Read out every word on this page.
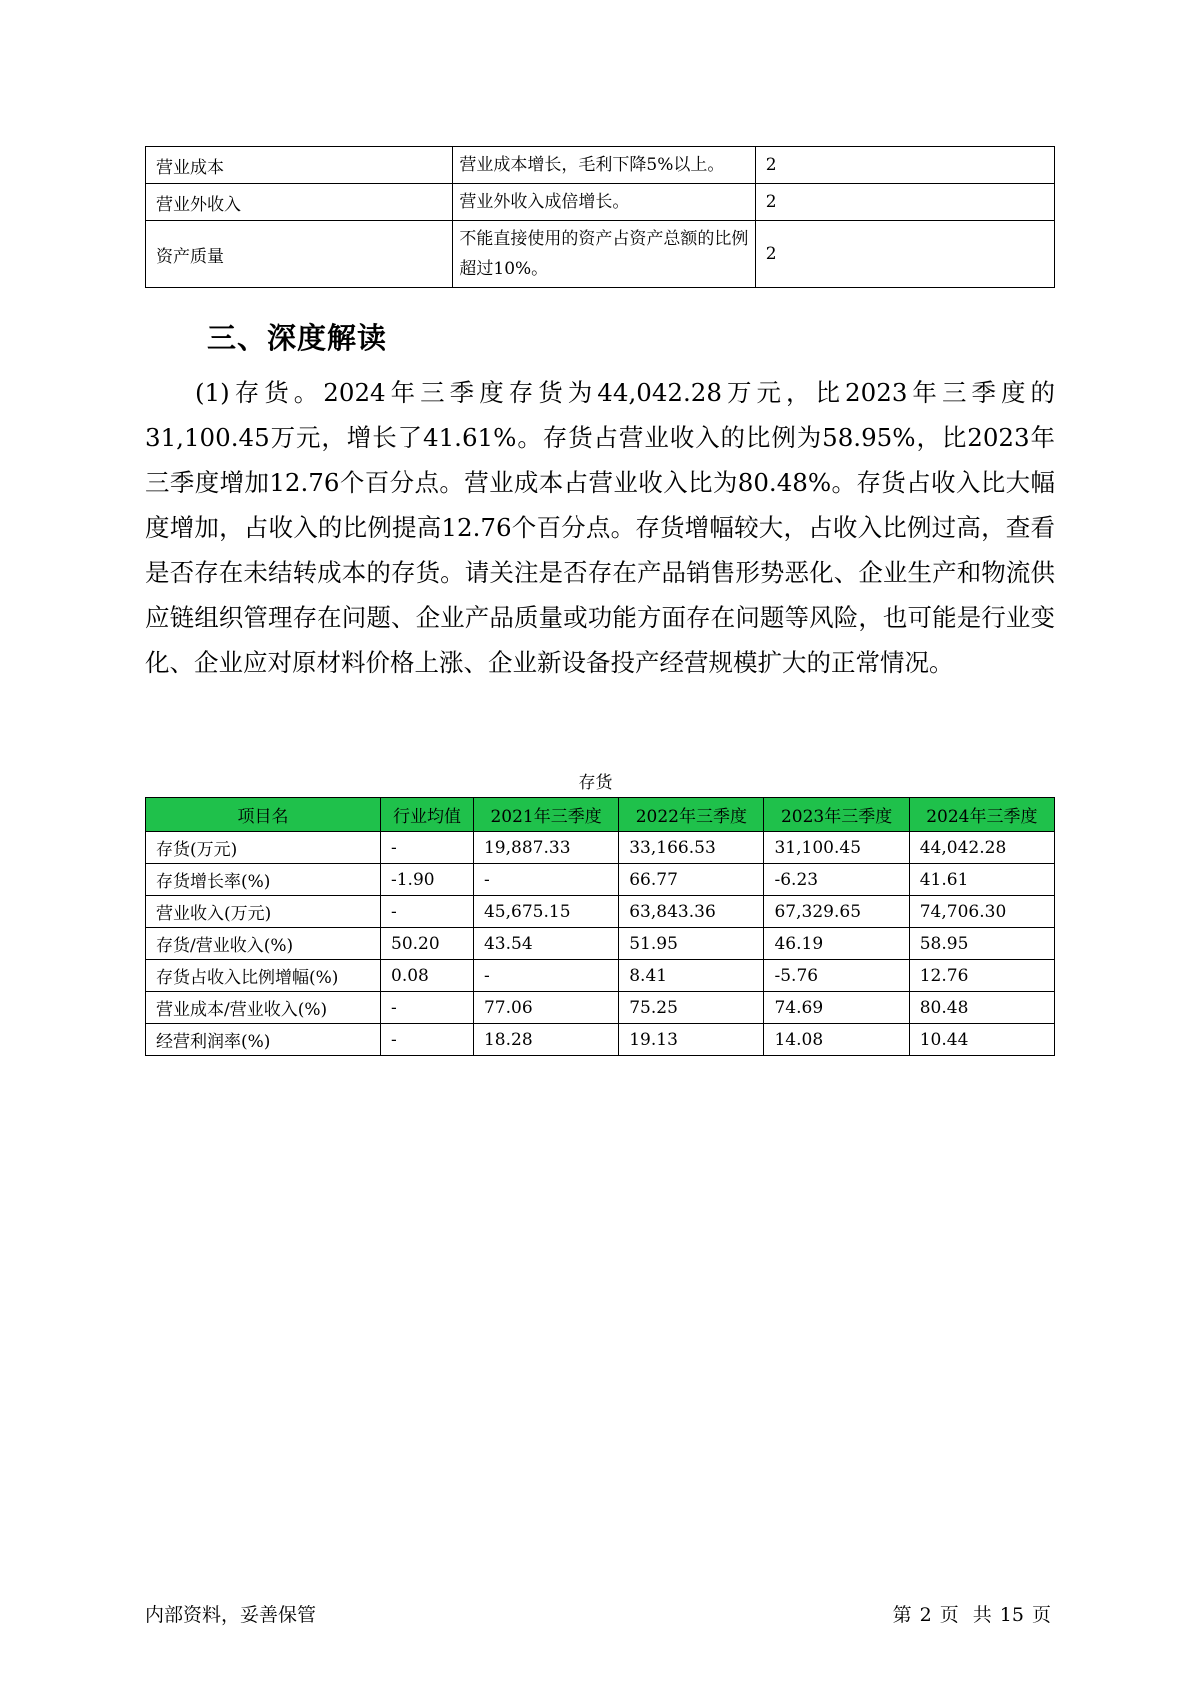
营业成本	营业成本增长，毛利下降5%以上。	2
营业外收入	营业外收入成倍增长。	2
资产质量	不能直接使用的资产占资产总额的比例超过10%。	2
三、深度解读

(1)存货。2024年三季度存货为44,042.28万元，比2023年三季度的31,100.45万元，增长了41.61%。存货占营业收入的比例为58.95%，比2023年三季度增加12.76个百分点。营业成本占营业收入比为80.48%。存货占收入比大幅度增加，占收入的比例提高12.76个百分点。存货增幅较大，占收入比例过高，查看是否存在未结转成本的存货。请关注是否存在产品销售形势恶化、企业生产和物流供应链组织管理存在问题、企业产品质量或功能方面存在问题等风险，也可能是行业变化、企业应对原材料价格上涨、企业新设备投产经营规模扩大的正常情况。

存货
项目名	行业均值	2021年三季度	2022年三季度	2023年三季度	2024年三季度
存货(万元)	-	19,887.33	33,166.53	31,100.45	44,042.28
存货增长率(%)	-1.90	-	66.77	-6.23	41.61
营业收入(万元)	-	45,675.15	63,843.36	67,329.65	74,706.30
存货/营业收入(%)	50.20	43.54	51.95	46.19	58.95
存货占收入比例增幅(%)	0.08	-	8.41	-5.76	12.76
营业成本/营业收入(%)	-	77.06	75.25	74.69	80.48
经营利润率(%)	-	18.28	19.13	14.08	10.44
内部资料，妥善保管	第 2 页 共 15 页
